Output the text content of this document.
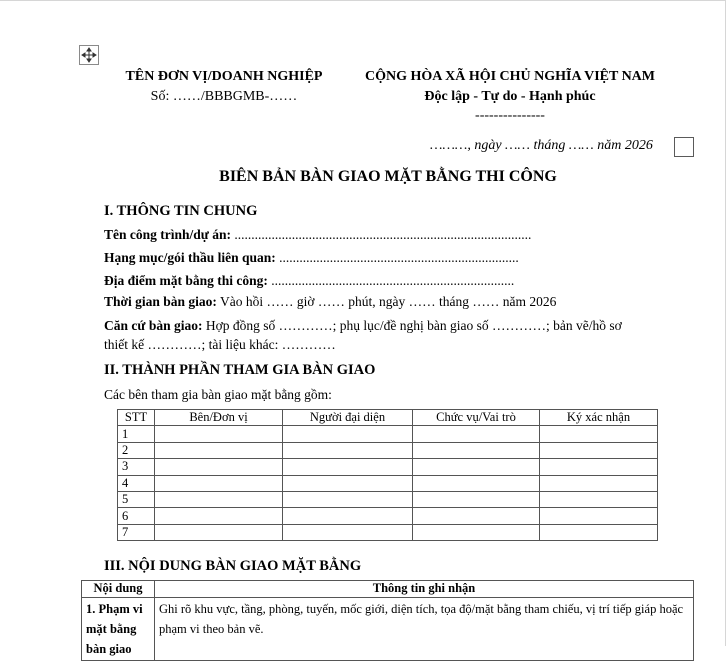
TÊN ĐƠN VỊ/DOANH NGHIỆP
Số: ……/BBBGMB-……
CỘNG HÒA XÃ HỘI CHỦ NGHĨA VIỆT NAM
Độc lập - Tự do - Hạnh phúc
---------------
………, ngày …… tháng …… năm 2026
BIÊN BẢN BÀN GIAO MẶT BẰNG THI CÔNG
I. THÔNG TIN CHUNG
Tên công trình/dự án: ........................................................................................
Hạng mục/gói thầu liên quan: .......................................................................
Địa điểm mặt bằng thi công: ........................................................................
Thời gian bàn giao: Vào hồi …… giờ …… phút, ngày …… tháng …… năm 2026
Căn cứ bàn giao: Hợp đồng số …………; phụ lục/đề nghị bàn giao số …………; bản vẽ/hồ sơ
thiết kế …………; tài liệu khác: …………
II. THÀNH PHẦN THAM GIA BÀN GIAO
Các bên tham gia bàn giao mặt bằng gồm:
STT	Bên/Đơn vị	Người đại diện	Chức vụ/Vai trò	Ký xác nhận
1				
2				
3				
4				
5				
6				
7				
III. NỘI DUNG BÀN GIAO MẶT BẰNG
Nội dung	Thông tin ghi nhận
1. Phạm vi mặt bằng bàn giao	Ghi rõ khu vực, tầng, phòng, tuyến, mốc giới, diện tích, tọa độ/mặt bằng tham chiếu, vị trí tiếp giáp hoặc phạm vi theo bản vẽ.
